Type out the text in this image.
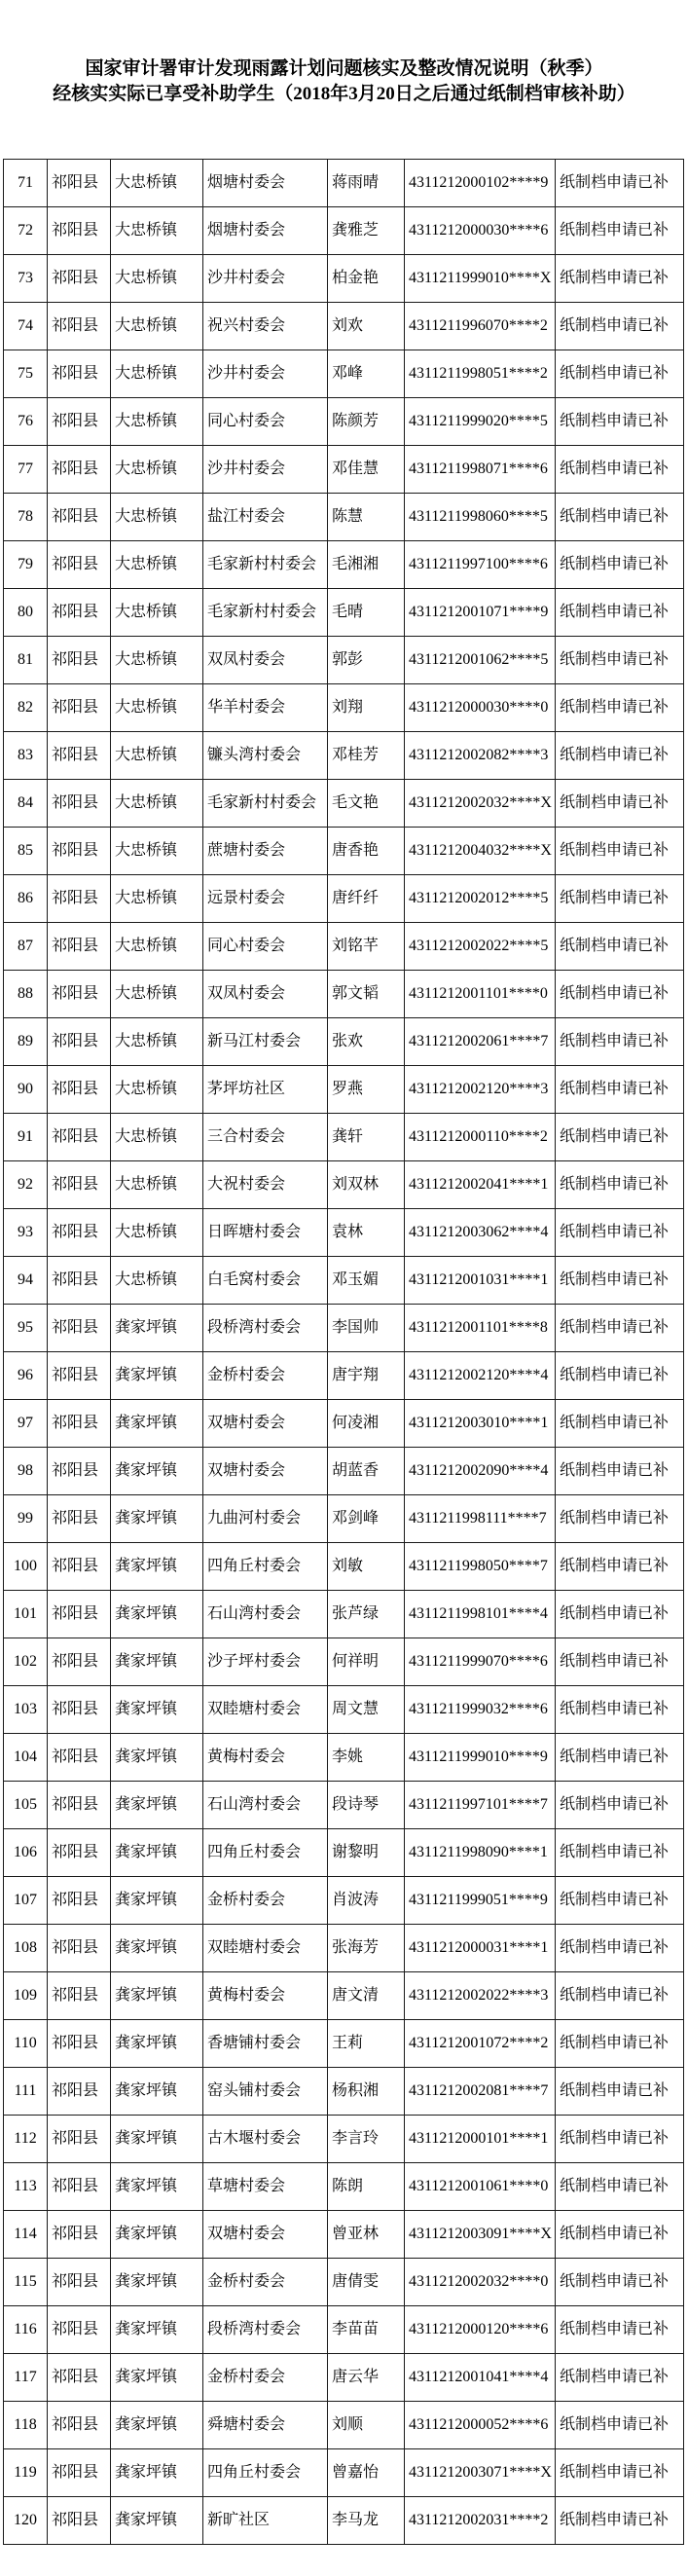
国家审计署审计发现雨露计划问题核实及整改情况说明（秋季）
经核实实际已享受补助学生（2018年3月20日之后通过纸制档审核补助）
71	祁阳县	大忠桥镇	烟塘村委会	蒋雨晴	4311212000102****9	纸制档申请已补
72	祁阳县	大忠桥镇	烟塘村委会	龚雅芝	4311212000030****6	纸制档申请已补
73	祁阳县	大忠桥镇	沙井村委会	柏金艳	4311211999010****X	纸制档申请已补
74	祁阳县	大忠桥镇	祝兴村委会	刘欢	4311211996070****2	纸制档申请已补
75	祁阳县	大忠桥镇	沙井村委会	邓峰	4311211998051****2	纸制档申请已补
76	祁阳县	大忠桥镇	同心村委会	陈颜芳	4311211999020****5	纸制档申请已补
77	祁阳县	大忠桥镇	沙井村委会	邓佳慧	4311211998071****6	纸制档申请已补
78	祁阳县	大忠桥镇	盐江村委会	陈慧	4311211998060****5	纸制档申请已补
79	祁阳县	大忠桥镇	毛家新村村委会	毛湘湘	4311211997100****6	纸制档申请已补
80	祁阳县	大忠桥镇	毛家新村村委会	毛晴	4311212001071****9	纸制档申请已补
81	祁阳县	大忠桥镇	双凤村委会	郭彭	4311212001062****5	纸制档申请已补
82	祁阳县	大忠桥镇	华羊村委会	刘翔	4311212000030****0	纸制档申请已补
83	祁阳县	大忠桥镇	镰头湾村委会	邓桂芳	4311212002082****3	纸制档申请已补
84	祁阳县	大忠桥镇	毛家新村村委会	毛文艳	4311212002032****X	纸制档申请已补
85	祁阳县	大忠桥镇	蔗塘村委会	唐香艳	4311212004032****X	纸制档申请已补
86	祁阳县	大忠桥镇	远景村委会	唐纤纤	4311212002012****5	纸制档申请已补
87	祁阳县	大忠桥镇	同心村委会	刘铭芊	4311212002022****5	纸制档申请已补
88	祁阳县	大忠桥镇	双凤村委会	郭文韬	4311212001101****0	纸制档申请已补
89	祁阳县	大忠桥镇	新马江村委会	张欢	4311212002061****7	纸制档申请已补
90	祁阳县	大忠桥镇	茅坪坊社区	罗燕	4311212002120****3	纸制档申请已补
91	祁阳县	大忠桥镇	三合村委会	龚轩	4311212000110****2	纸制档申请已补
92	祁阳县	大忠桥镇	大祝村委会	刘双林	4311212002041****1	纸制档申请已补
93	祁阳县	大忠桥镇	日晖塘村委会	袁林	4311212003062****4	纸制档申请已补
94	祁阳县	大忠桥镇	白毛窝村委会	邓玉媚	4311212001031****1	纸制档申请已补
95	祁阳县	龚家坪镇	段桥湾村委会	李国帅	4311212001101****8	纸制档申请已补
96	祁阳县	龚家坪镇	金桥村委会	唐宇翔	4311212002120****4	纸制档申请已补
97	祁阳县	龚家坪镇	双塘村委会	何凌湘	4311212003010****1	纸制档申请已补
98	祁阳县	龚家坪镇	双塘村委会	胡蓝香	4311212002090****4	纸制档申请已补
99	祁阳县	龚家坪镇	九曲河村委会	邓剑峰	4311211998111****7	纸制档申请已补
100	祁阳县	龚家坪镇	四角丘村委会	刘敏	4311211998050****7	纸制档申请已补
101	祁阳县	龚家坪镇	石山湾村委会	张芦绿	4311211998101****4	纸制档申请已补
102	祁阳县	龚家坪镇	沙子坪村委会	何祥明	4311211999070****6	纸制档申请已补
103	祁阳县	龚家坪镇	双睦塘村委会	周文慧	4311211999032****6	纸制档申请已补
104	祁阳县	龚家坪镇	黄梅村委会	李姚	4311211999010****9	纸制档申请已补
105	祁阳县	龚家坪镇	石山湾村委会	段诗琴	4311211997101****7	纸制档申请已补
106	祁阳县	龚家坪镇	四角丘村委会	谢黎明	4311211998090****1	纸制档申请已补
107	祁阳县	龚家坪镇	金桥村委会	肖波涛	4311211999051****9	纸制档申请已补
108	祁阳县	龚家坪镇	双睦塘村委会	张海芳	4311212000031****1	纸制档申请已补
109	祁阳县	龚家坪镇	黄梅村委会	唐文清	4311212002022****3	纸制档申请已补
110	祁阳县	龚家坪镇	香塘铺村委会	王莉	4311212001072****2	纸制档申请已补
111	祁阳县	龚家坪镇	窑头铺村委会	杨积湘	4311212002081****7	纸制档申请已补
112	祁阳县	龚家坪镇	古木堰村委会	李言玲	4311212000101****1	纸制档申请已补
113	祁阳县	龚家坪镇	草塘村委会	陈朗	4311212001061****0	纸制档申请已补
114	祁阳县	龚家坪镇	双塘村委会	曾亚林	4311212003091****X	纸制档申请已补
115	祁阳县	龚家坪镇	金桥村委会	唐倩雯	4311212002032****0	纸制档申请已补
116	祁阳县	龚家坪镇	段桥湾村委会	李苗苗	4311212000120****6	纸制档申请已补
117	祁阳县	龚家坪镇	金桥村委会	唐云华	4311212001041****4	纸制档申请已补
118	祁阳县	龚家坪镇	舜塘村委会	刘顺	4311212000052****6	纸制档申请已补
119	祁阳县	龚家坪镇	四角丘村委会	曾嘉怡	4311212003071****X	纸制档申请已补
120	祁阳县	龚家坪镇	新旷社区	李马龙	4311212002031****2	纸制档申请已补
